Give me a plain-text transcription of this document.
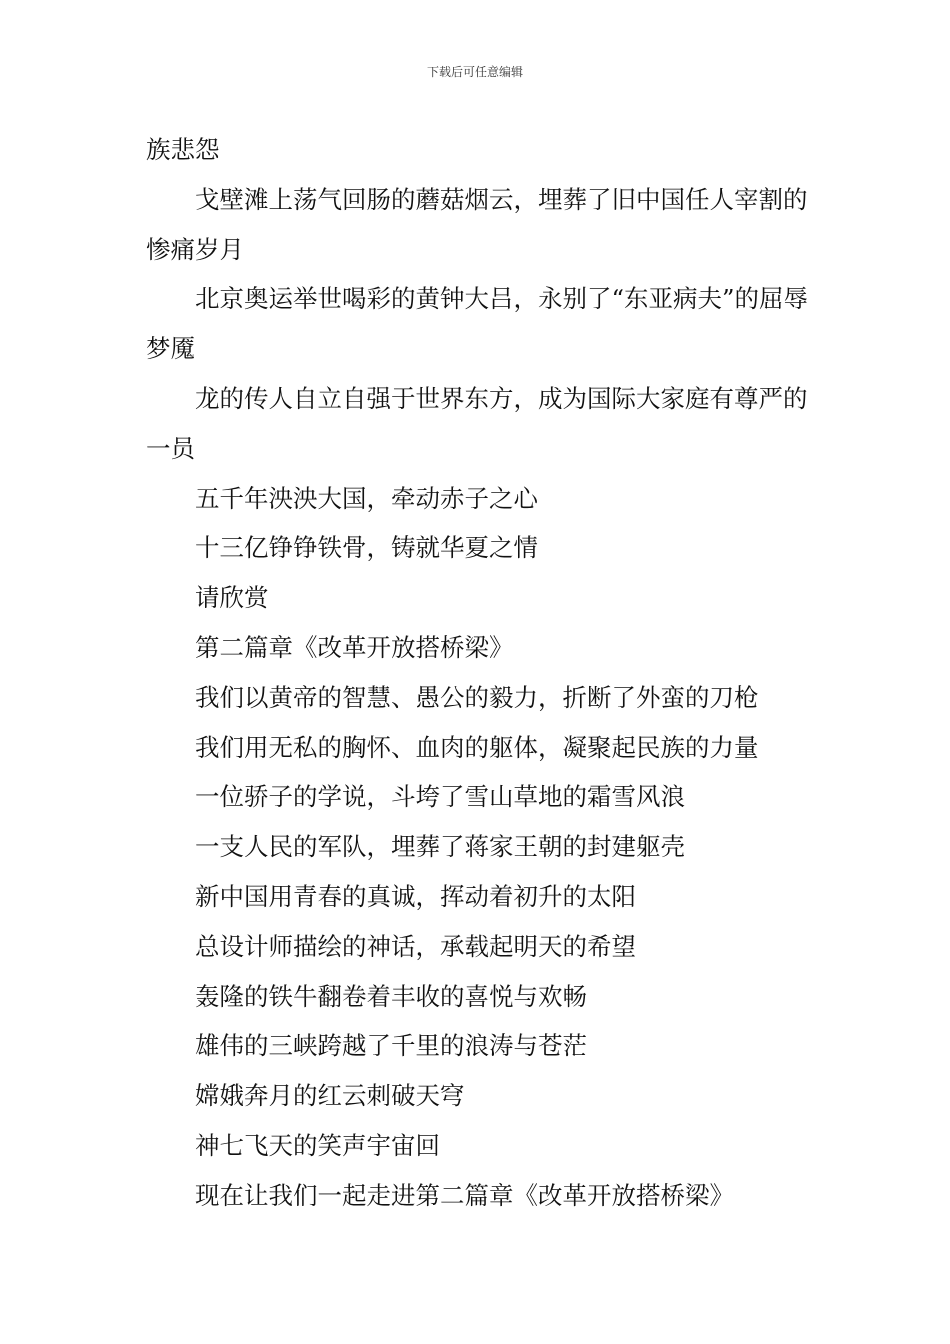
下载后可任意编辑

族悲怨

戈壁滩上荡气回肠的蘑菇烟云，埋葬了旧中国任人宰割的惨痛岁月

北京奥运举世喝彩的黄钟大吕，永别了“东亚病夫”的屈辱梦魇

龙的传人自立自强于世界东方，成为国际大家庭有尊严的一员

五千年泱泱大国，牵动赤子之心

十三亿铮铮铁骨，铸就华夏之情

请欣赏

第二篇章《改革开放搭桥梁》

我们以黄帝的智慧、愚公的毅力，折断了外蛮的刀枪

我们用无私的胸怀、血肉的躯体，凝聚起民族的力量

一位骄子的学说，斗垮了雪山草地的霜雪风浪

一支人民的军队，埋葬了蒋家王朝的封建躯壳

新中国用青春的真诚，挥动着初升的太阳

总设计师描绘的神话，承载起明天的希望

轰隆的铁牛翻卷着丰收的喜悦与欢畅

雄伟的三峡跨越了千里的浪涛与苍茫

嫦娥奔月的红云刺破天穹

神七飞天的笑声宇宙回

现在让我们一起走进第二篇章《改革开放搭桥梁》
